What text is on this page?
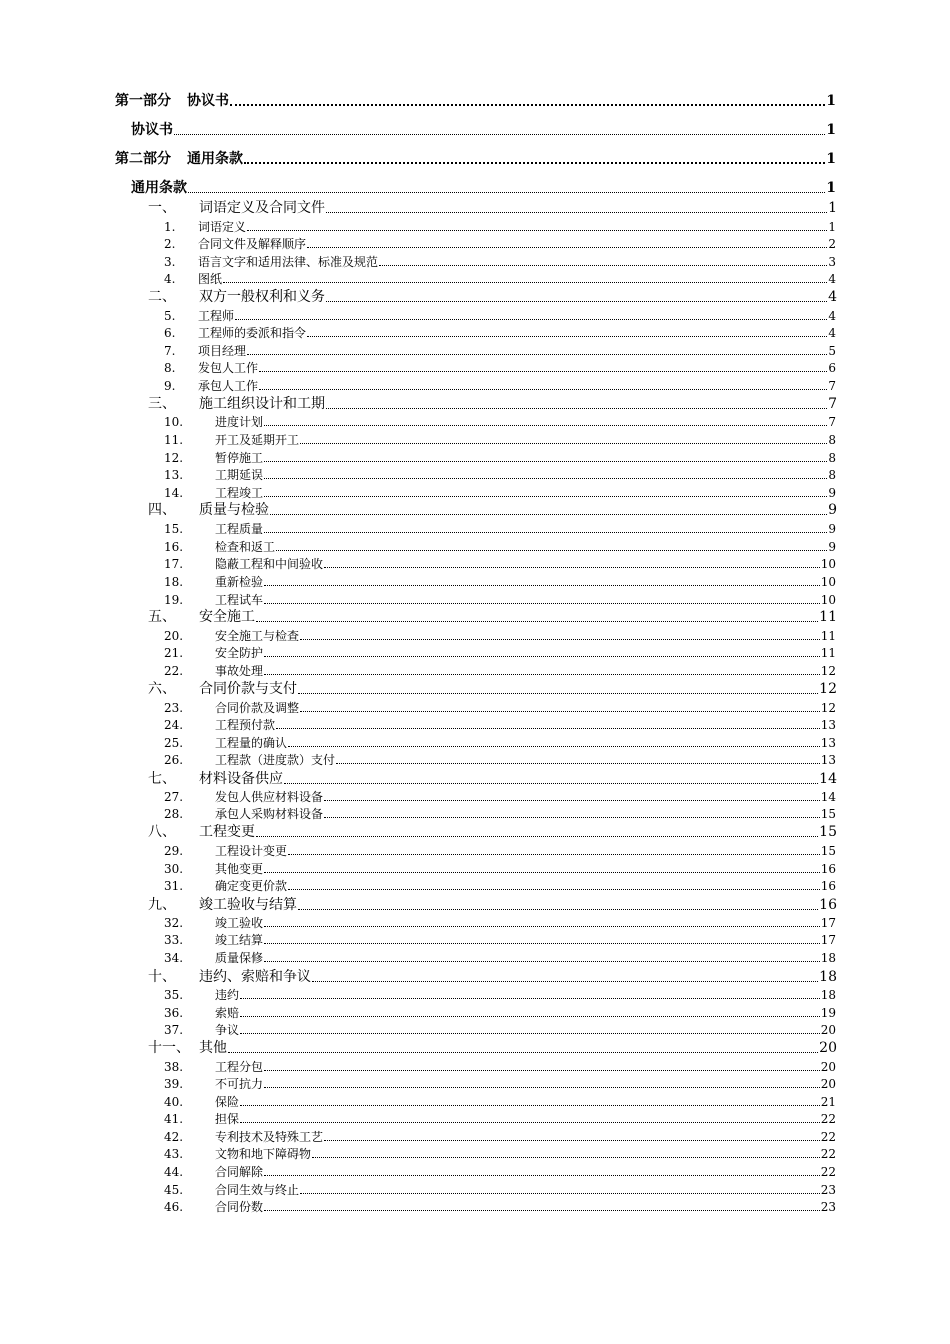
第一部分 协议书	1
协议书	1
第二部分 通用条款	1
通用条款	1
一、	词语定义及合同文件	1
1.	词语定义	1
2.	合同文件及解释顺序	2
3.	语言文字和适用法律、标准及规范	3
4.	图纸	4
二、	双方一般权利和义务	4
5.	工程师	4
6.	工程师的委派和指令	4
7.	项目经理	5
8.	发包人工作	6
9.	承包人工作	7
三、	施工组织设计和工期	7
10.	进度计划	7
11.	开工及延期开工	8
12.	暂停施工	8
13.	工期延误	8
14.	工程竣工	9
四、	质量与检验	9
15.	工程质量	9
16.	检查和返工	9
17.	隐蔽工程和中间验收	10
18.	重新检验	10
19.	工程试车	10
五、	安全施工	11
20.	安全施工与检查	11
21.	安全防护	11
22.	事故处理	12
六、	合同价款与支付	12
23.	合同价款及调整	12
24.	工程预付款	13
25.	工程量的确认	13
26.	工程款（进度款）支付	13
七、	材料设备供应	14
27.	发包人供应材料设备	14
28.	承包人采购材料设备	15
八、	工程变更	15
29.	工程设计变更	15
30.	其他变更	16
31.	确定变更价款	16
九、	竣工验收与结算	16
32.	竣工验收	17
33.	竣工结算	17
34.	质量保修	18
十、	违约、索赔和争议	18
35.	违约	18
36.	索赔	19
37.	争议	20
十一、 其他	20
38.	工程分包	20
39.	不可抗力	20
40.	保险	21
41.	担保	22
42.	专利技术及特殊工艺	22
43.	文物和地下障碍物	22
44.	合同解除	22
45.	合同生效与终止	23
46.	合同份数	23
